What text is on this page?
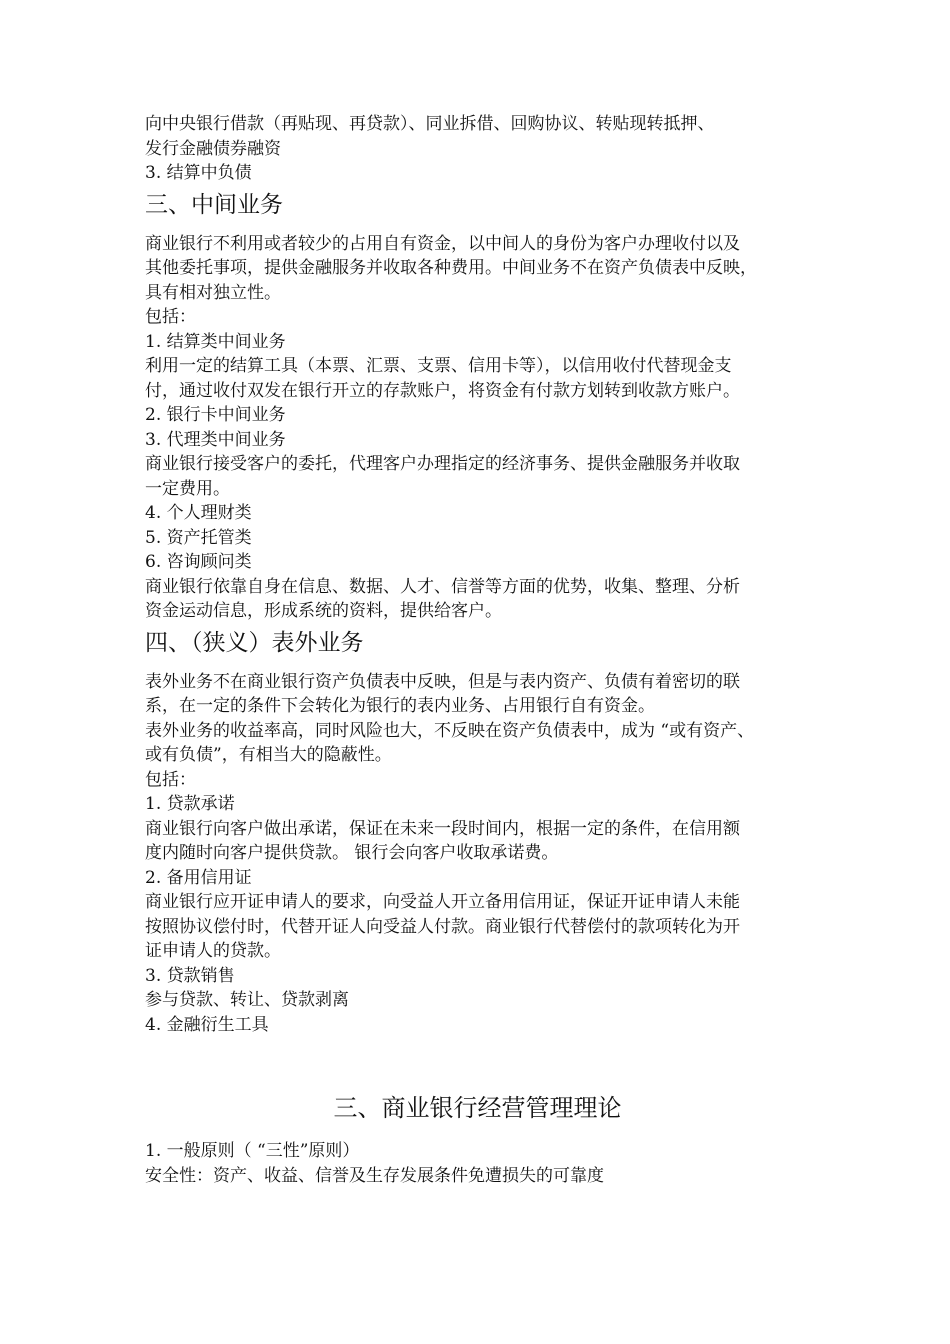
向中央银行借款（再贴现、再贷款）、同业拆借、回购协议、转贴现转抵押、
发行金融债券融资
3. 结算中负债
三、中间业务
商业银行不利用或者较少的占用自有资金，以中间人的身份为客户办理收付以及
其他委托事项，提供金融服务并收取各种费用。中间业务不在资产负债表中反映，
具有相对独立性。
包括：
1. 结算类中间业务
利用一定的结算工具（本票、汇票、支票、信用卡等），以信用收付代替现金支
付，通过收付双发在银行开立的存款账户，将资金有付款方划转到收款方账户。
2. 银行卡中间业务
3. 代理类中间业务
商业银行接受客户的委托，代理客户办理指定的经济事务、提供金融服务并收取
一定费用。
4. 个人理财类
5. 资产托管类
6. 咨询顾问类
商业银行依靠自身在信息、数据、人才、信誉等方面的优势，收集、整理、分析
资金运动信息，形成系统的资料，提供给客户。
四、（狭义）表外业务
表外业务不在商业银行资产负债表中反映，但是与表内资产、负债有着密切的联
系，在一定的条件下会转化为银行的表内业务、占用银行自有资金。
表外业务的收益率高，同时风险也大，不反映在资产负债表中，成为 “或有资产、
或有负债”，有相当大的隐蔽性。
包括：
1. 贷款承诺
商业银行向客户做出承诺，保证在未来一段时间内，根据一定的条件，在信用额
度内随时向客户提供贷款。 银行会向客户收取承诺费。
2. 备用信用证
商业银行应开证申请人的要求，向受益人开立备用信用证，保证开证申请人未能
按照协议偿付时，代替开证人向受益人付款。商业银行代替偿付的款项转化为开
证申请人的贷款。
3. 贷款销售
参与贷款、转让、贷款剥离
4. 金融衍生工具
三、商业银行经营管理理论
1. 一般原则（ “三性”原则）
安全性：资产、收益、信誉及生存发展条件免遭损失的可靠度
